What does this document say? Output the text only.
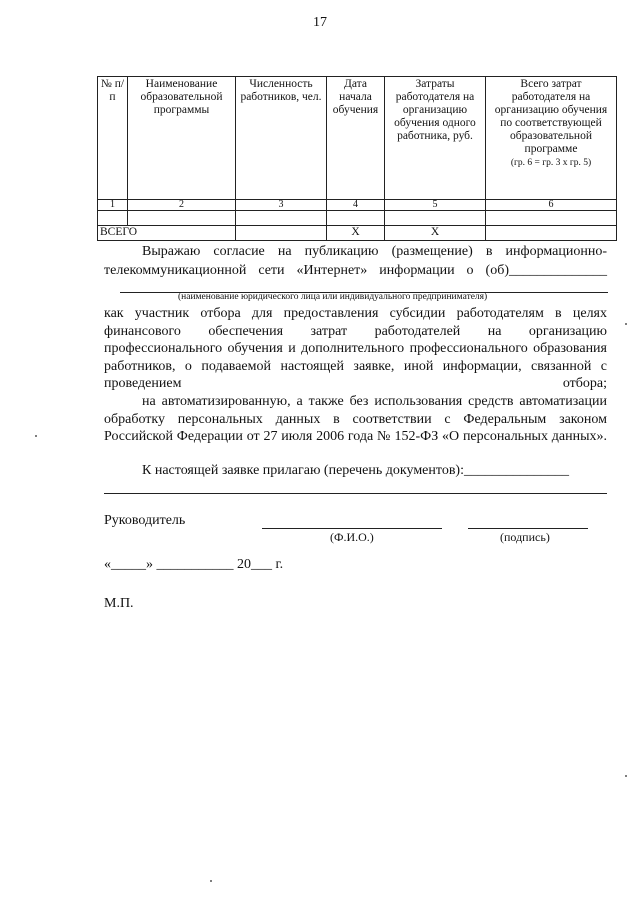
17
№ п/п	Наименование образовательной программы	Численность работников, чел.	Дата начала обучения	Затраты работодателя на организацию обучения одного работника, руб.	Всего затрат работодателя на организацию обучения по соответствующей образовательной программе
(гр. 6 = гр. 3 х гр. 5)
1	2	3	4	5	6

ВСЕГО			Х	Х	
Выражаю согласие на публикацию (размещение) в информационно-
телекоммуникационной сети «Интернет» информации о (об)______________
(наименование юридического лица или индивидуального предпринимателя)
как участник отбора для предоставления субсидии работодателям в целях финансового обеспечения затрат работодателей на организацию профессионального обучения и дополнительного профессионального образования работников, о подаваемой настоящей заявке, иной информации, связанной с проведением отбора;
на автоматизированную, а также без использования средств автоматизации обработку персональных данных в соответствии с Федеральным законом Российской Федерации от 27 июля 2006 года № 152-ФЗ «О персональных данных».
К настоящей заявке прилагаю (перечень документов):_______________
Руководитель
(Ф.И.О.)	(подпись)
«_____» ___________ 20___ г.
М.П.
